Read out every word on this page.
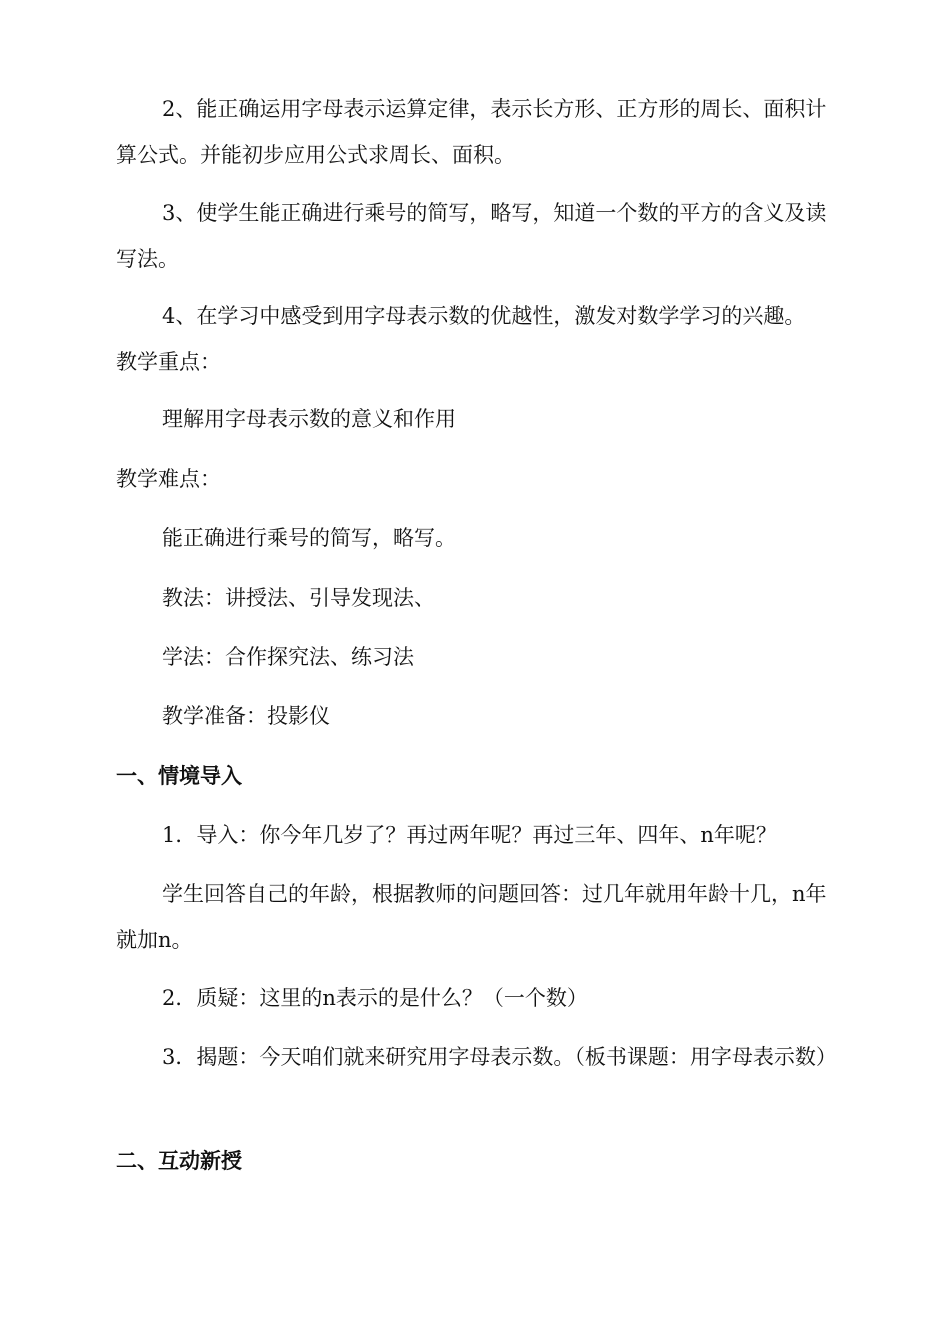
2、能正确运用字母表示运算定律，表示长方形、正方形的周长、面积计算公式。并能初步应用公式求周长、面积。

3、使学生能正确进行乘号的简写，略写，知道一个数的平方的含义及读写法。

4、在学习中感受到用字母表示数的优越性，激发对数学学习的兴趣。

教学重点：

理解用字母表示数的意义和作用

教学难点：

能正确进行乘号的简写，略写。

教法：讲授法、引导发现法、

学法：合作探究法、练习法

教学准备：投影仪

一、情境导入

1．导入：你今年几岁了？再过两年呢？再过三年、四年、n年呢？

学生回答自己的年龄，根据教师的问题回答：过几年就用年龄十几，n年就加n。

2．质疑：这里的n表示的是什么？（一个数）

3．揭题：今天咱们就来研究用字母表示数。（板书课题：用字母表示数）

二、互动新授
